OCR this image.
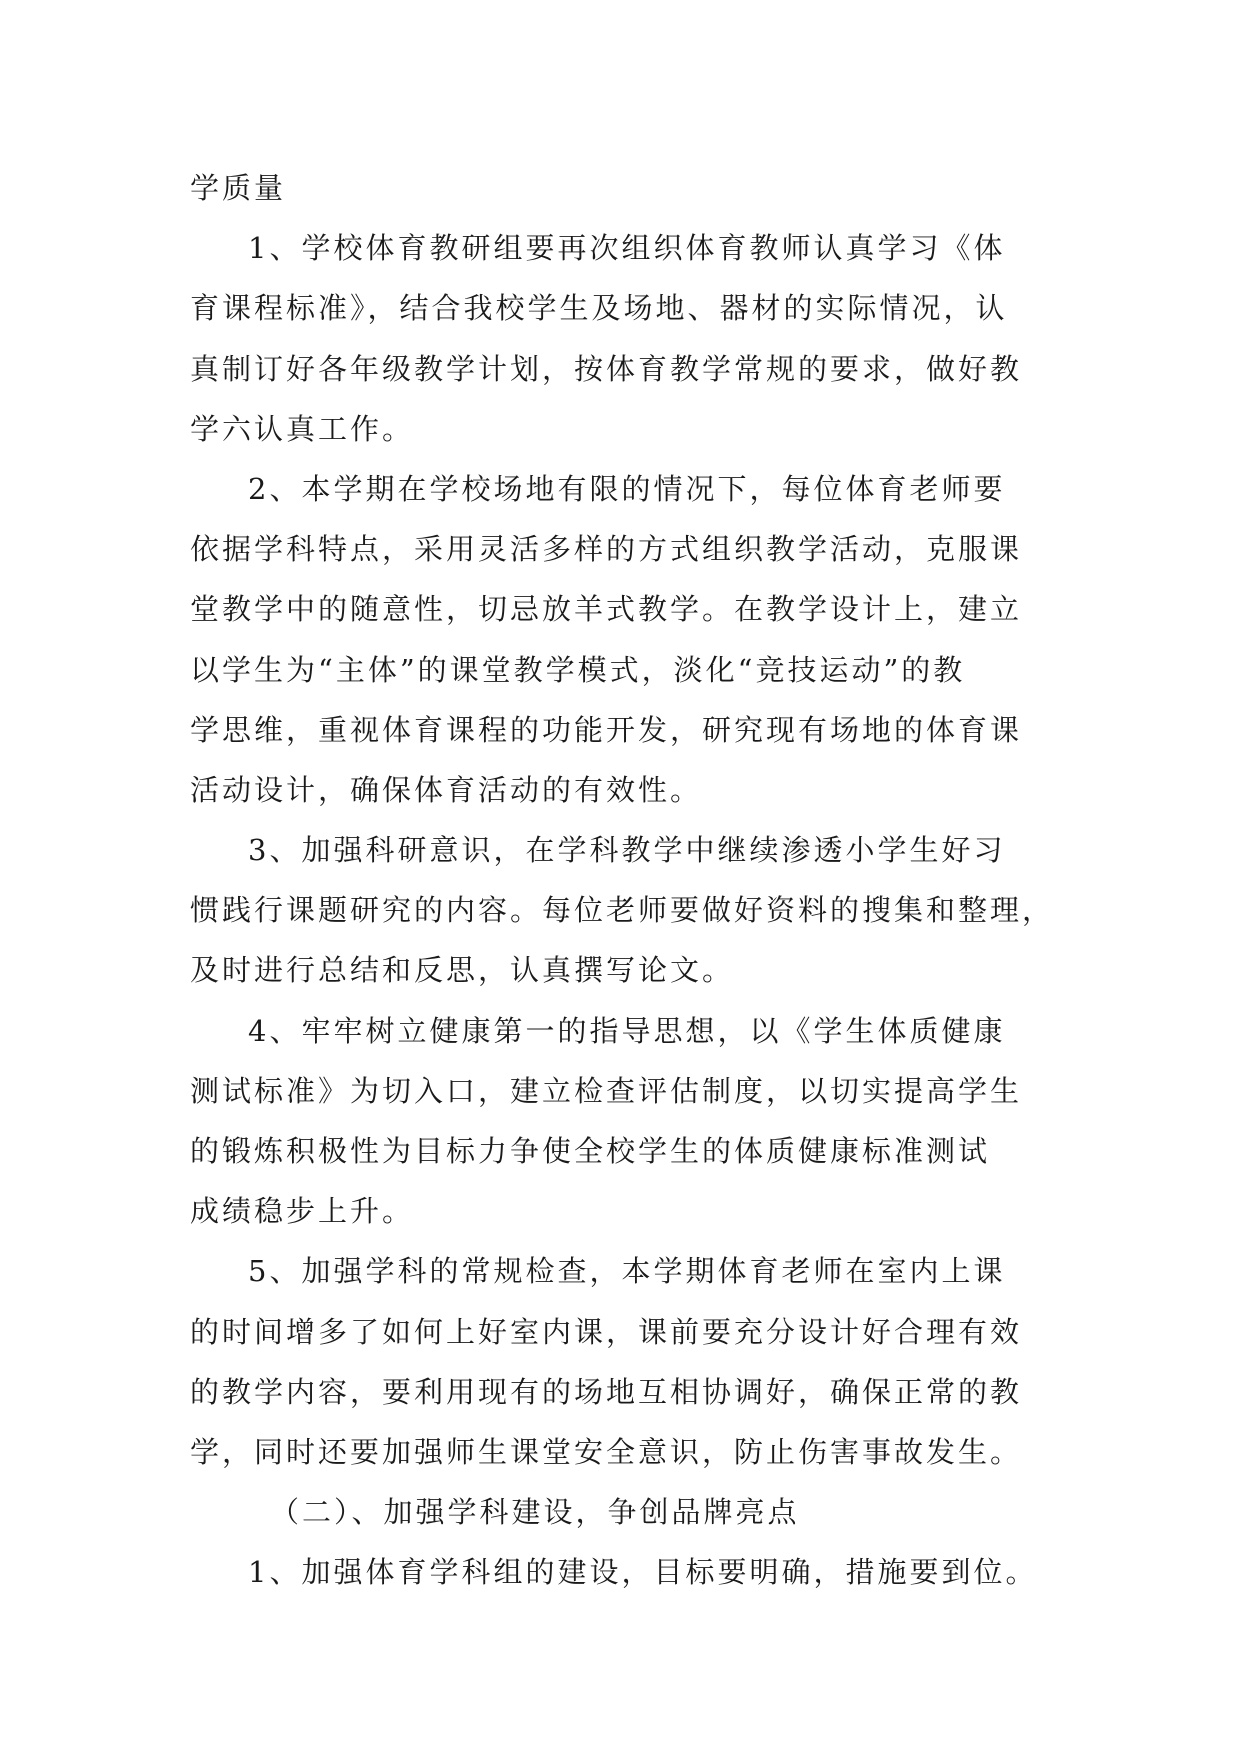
学质量
1、学校体育教研组要再次组织体育教师认真学习《体
育课程标准》，结合我校学生及场地、器材的实际情况，认
真制订好各年级教学计划，按体育教学常规的要求，做好教
学六认真工作。
2、本学期在学校场地有限的情况下，每位体育老师要
依据学科特点，采用灵活多样的方式组织教学活动，克服课
堂教学中的随意性，切忌放羊式教学。在教学设计上，建立
以学生为“主体”的课堂教学模式，淡化“竞技运动”的教
学思维，重视体育课程的功能开发，研究现有场地的体育课
活动设计，确保体育活动的有效性。
3、加强科研意识，在学科教学中继续渗透小学生好习
惯践行课题研究的内容。每位老师要做好资料的搜集和整理，
及时进行总结和反思，认真撰写论文。
4、牢牢树立健康第一的指导思想，以《学生体质健康
测试标准》为切入口，建立检查评估制度，以切实提高学生
的锻炼积极性为目标力争使全校学生的体质健康标准测试
成绩稳步上升。
5、加强学科的常规检查，本学期体育老师在室内上课
的时间增多了如何上好室内课，课前要充分设计好合理有效
的教学内容，要利用现有的场地互相协调好，确保正常的教
学，同时还要加强师生课堂安全意识，防止伤害事故发生。
（二）、加强学科建设，争创品牌亮点
1、加强体育学科组的建设，目标要明确，措施要到位。
